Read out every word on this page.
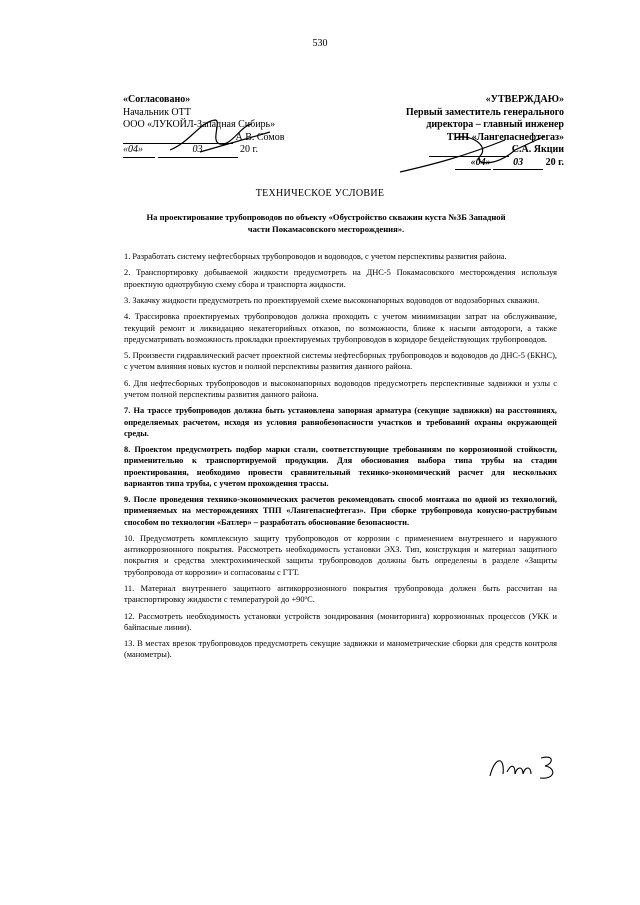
530
«Согласовано»
Начальник ОТТ
ООО «ЛУКОЙЛ-Западная Сибирь»
А.В. Сомов
«04»	03	20 г.
«УТВЕРЖДАЮ»
Первый заместитель генерального
директора – главный инженер
ТПП «Лангепаснефтегаз»
С.А. Якции
«04» 03 20 г.
ТЕХНИЧЕСКОЕ УСЛОВИЕ
На проектирование трубопроводов по объекту «Обустройство скважин куста №3Б Западной части Покамасовского месторождения».
1. Разработать систему нефтесборных трубопроводов и водоводов, с учетом перспективы развития района.
2. Транспортировку добываемой жидкости предусмотреть на ДНС-5 Покамасовского месторождения используя проектную однотрубную схему сбора и транспорта жидкости.
3. Закачку жидкости предусмотреть по проектируемой схеме высоконапорных водоводов от водозаборных скважин.
4. Трассировка проектируемых трубопроводов должна проходить с учетом минимизации затрат на обслуживание, текущий ремонт и ликвидацию некатегорийных отказов, по возможности, ближе к насыпи автодороги, а также предусматривать возможность прокладки проектируемых трубопроводов в коридоре бездействующих трубопроводов.
5. Произвести гидравлический расчет проектной системы нефтесборных трубопроводов и водоводов до ДНС-5 (БКНС), с учетом влияния новых кустов и полной перспективы развития данного района.
6. Для нефтесборных трубопроводов и высоконапорных водоводов предусмотреть перспективные задвижки и узлы с учетом полной перспективы развития данного района.
7. На трассе трубопроводов должна быть установлена запорная арматура (секущие задвижки) на расстояниях, определяемых расчетом, исходя из условия равнобезопасности участков и требований охраны окружающей среды.
8. Проектом предусмотреть подбор марки стали, соответствующие требованиям по коррозионной стойкости, применительно к транспортируемой продукции. Для обоснования выбора типа трубы на стадии проектирования, необходимо провести сравнительный технико-экономический расчет для нескольких вариантов типа трубы, с учетом прохождения трассы.
9. После проведения технико-экономических расчетов рекомендовать способ монтажа по одной из технологий, применяемых на месторождениях ТПП «Лангепаснефтегаз». При сборке трубопровода конусно-раструбным способом по технологии «Батлер» – разработать обоснование безопасности.
10. Предусмотреть комплексную защиту трубопроводов от коррозии с применением внутреннего и наружного антикоррозионного покрытия. Рассмотреть необходимость установки ЭХЗ. Тип, конструкция и материал защитного покрытия и средства электрохимической защиты трубопроводов должны быть определены в разделе «Защиты трубопровода от коррозии» и согласованы с ГТТ.
11. Материал внутреннего защитного антикоррозионного покрытия трубопровода должен быть рассчитан на транспортировку жидкости с температурой до +90ºС.
12. Рассмотреть необходимость установки устройств зондирования (мониторинга) коррозионных процессов (УКК и байпасные линии).
13. В местах врезок трубопроводов предусмотреть секущие задвижки и манометрические сборки для средств контроля (манометры).
